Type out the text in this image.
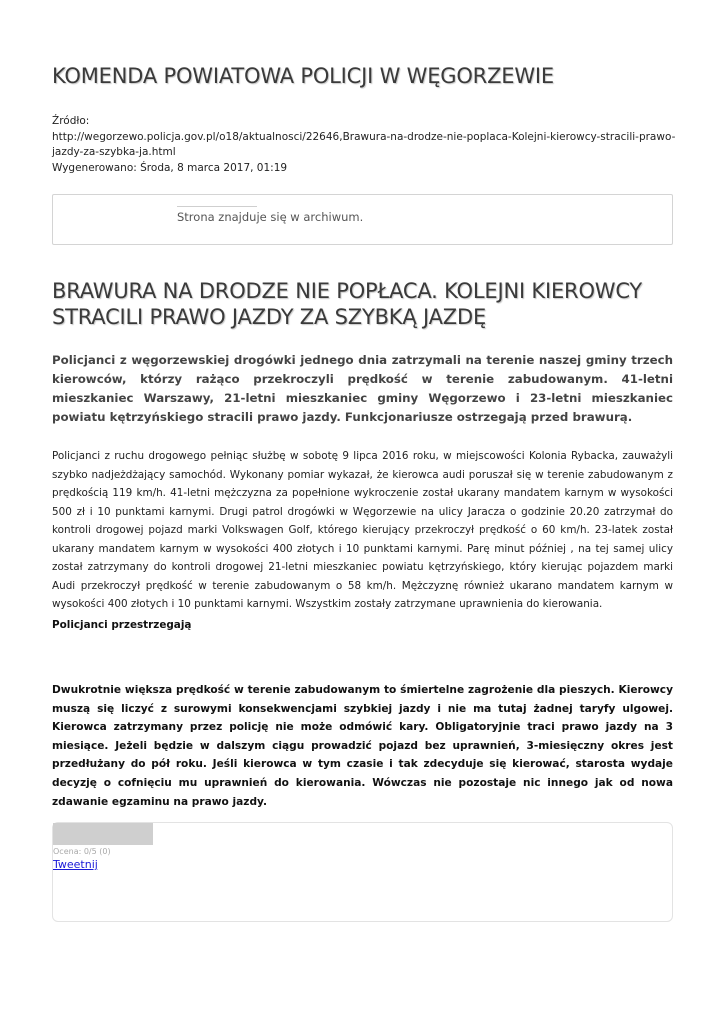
KOMENDA POWIATOWA POLICJI W WĘGORZEWIE
Źródło:
http://wegorzewo.policja.gov.pl/o18/aktualnosci/22646,Brawura-na-drodze-nie-poplaca-Kolejni-kierowcy-stracili-prawo-jazdy-za-szybka-ja.html
Wygenerowano: Środa, 8 marca 2017, 01:19
Strona znajduje się w archiwum.
BRAWURA NA DRODZE NIE POPŁACA. KOLEJNI KIEROWCY STRACILI PRAWO JAZDY ZA SZYBKĄ JAZDĘ

Policjanci z węgorzewskiej drogówki jednego dnia zatrzymali na terenie naszej gminy trzech kierowców, którzy rażąco przekroczyli prędkość w terenie zabudowanym. 41-letni mieszkaniec Warszawy, 21-letni mieszkaniec gminy Węgorzewo i 23-letni mieszkaniec powiatu kętrzyńskiego stracili prawo jazdy. Funkcjonariusze ostrzegają przed brawurą.

Policjanci z ruchu drogowego pełniąc służbę w sobotę 9 lipca 2016 roku, w miejscowości Kolonia Rybacka, zauważyli szybko nadjeżdżający samochód. Wykonany pomiar wykazał, że kierowca audi poruszał się w terenie zabudowanym z prędkością 119 km/h. 41-letni mężczyzna za popełnione wykroczenie został ukarany mandatem karnym w wysokości 500 zł i 10 punktami karnymi. Drugi patrol drogówki w Węgorzewie na ulicy Jaracza o godzinie 20.20 zatrzymał do kontroli drogowej pojazd marki Volkswagen Golf, którego kierujący przekroczył prędkość o 60 km/h. 23-latek został ukarany mandatem karnym w wysokości 400 złotych i 10 punktami karnymi. Parę minut później , na tej samej ulicy został zatrzymany do kontroli drogowej 21-letni mieszkaniec powiatu kętrzyńskiego, który kierując pojazdem marki Audi przekroczył prędkość w terenie zabudowanym o 58 km/h. Mężczyznę również ukarano mandatem karnym w wysokości 400 złotych i 10 punktami karnymi. Wszystkim zostały zatrzymane uprawnienia do kierowania.

Policjanci przestrzegają

Dwukrotnie większa prędkość w terenie zabudowanym to śmiertelne zagrożenie dla pieszych. Kierowcy muszą się liczyć z surowymi konsekwencjami szybkiej jazdy i nie ma tutaj żadnej taryfy ulgowej. Kierowca zatrzymany przez policję nie może odmówić kary. Obligatoryjnie traci prawo jazdy na 3 miesiące. Jeżeli będzie w dalszym ciągu prowadzić pojazd bez uprawnień, 3-miesięczny okres jest przedłużany do pół roku. Jeśli kierowca w tym czasie i tak zdecyduje się kierować, starosta wydaje decyzję o cofnięciu mu uprawnień do kierowania. Wówczas nie pozostaje nic innego jak od nowa zdawanie egzaminu na prawo jazdy.

Ocena: 0/5 (0)
Tweetnij
